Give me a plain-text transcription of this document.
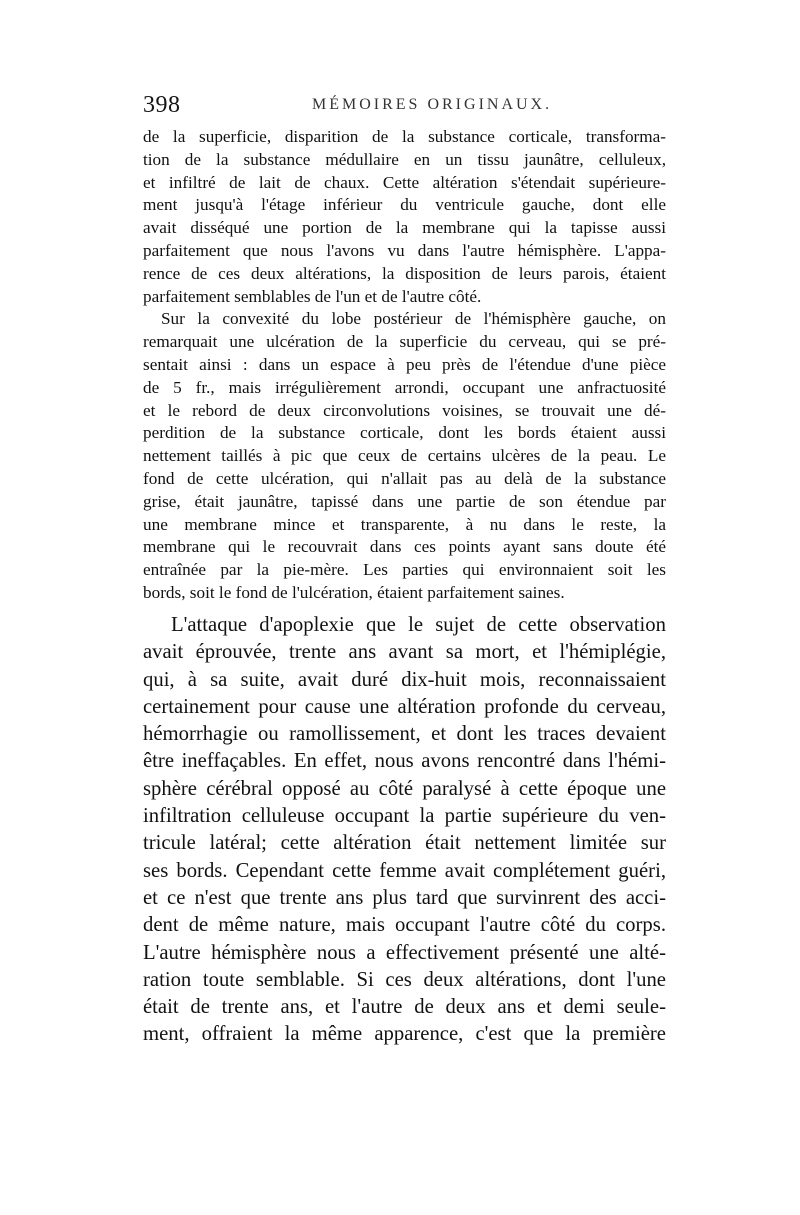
398	MÉMOIRES ORIGINAUX.

de la superficie, disparition de la substance corticale, transforma-
tion de la substance médullaire en un tissu jaunâtre, celluleux,
et infiltré de lait de chaux. Cette altération s'étendait supérieure-
ment jusqu'à l'étage inférieur du ventricule gauche, dont elle
avait disséqué une portion de la membrane qui la tapisse aussi
parfaitement que nous l'avons vu dans l'autre hémisphère. L'appa-
rence de ces deux altérations, la disposition de leurs parois, étaient
parfaitement semblables de l'un et de l'autre côté.
Sur la convexité du lobe postérieur de l'hémisphère gauche, on
remarquait une ulcération de la superficie du cerveau, qui se pré-
sentait ainsi : dans un espace à peu près de l'étendue d'une pièce
de 5 fr., mais irrégulièrement arrondi, occupant une anfractuosité
et le rebord de deux circonvolutions voisines, se trouvait une dé-
perdition de la substance corticale, dont les bords étaient aussi
nettement taillés à pic que ceux de certains ulcères de la peau. Le
fond de cette ulcération, qui n'allait pas au delà de la substance
grise, était jaunâtre, tapissé dans une partie de son étendue par
une membrane mince et transparente, à nu dans le reste, la
membrane qui le recouvrait dans ces points ayant sans doute été
entraînée par la pie-mère. Les parties qui environnaient soit les
bords, soit le fond de l'ulcération, étaient parfaitement saines.

L'attaque d'apoplexie que le sujet de cette observation
avait éprouvée, trente ans avant sa mort, et l'hémiplégie,
qui, à sa suite, avait duré dix-huit mois, reconnaissaient
certainement pour cause une altération profonde du cerveau,
hémorrhagie ou ramollissement, et dont les traces devaient
être ineffaçables. En effet, nous avons rencontré dans l'hémi-
sphère cérébral opposé au côté paralysé à cette époque une
infiltration celluleuse occupant la partie supérieure du ven-
tricule latéral; cette altération était nettement limitée sur
ses bords. Cependant cette femme avait complétement guéri,
et ce n'est que trente ans plus tard que survinrent des acci-
dent de même nature, mais occupant l'autre côté du corps.
L'autre hémisphère nous a effectivement présenté une alté-
ration toute semblable. Si ces deux altérations, dont l'une
était de trente ans, et l'autre de deux ans et demi seule-
ment, offraient la même apparence, c'est que la première
